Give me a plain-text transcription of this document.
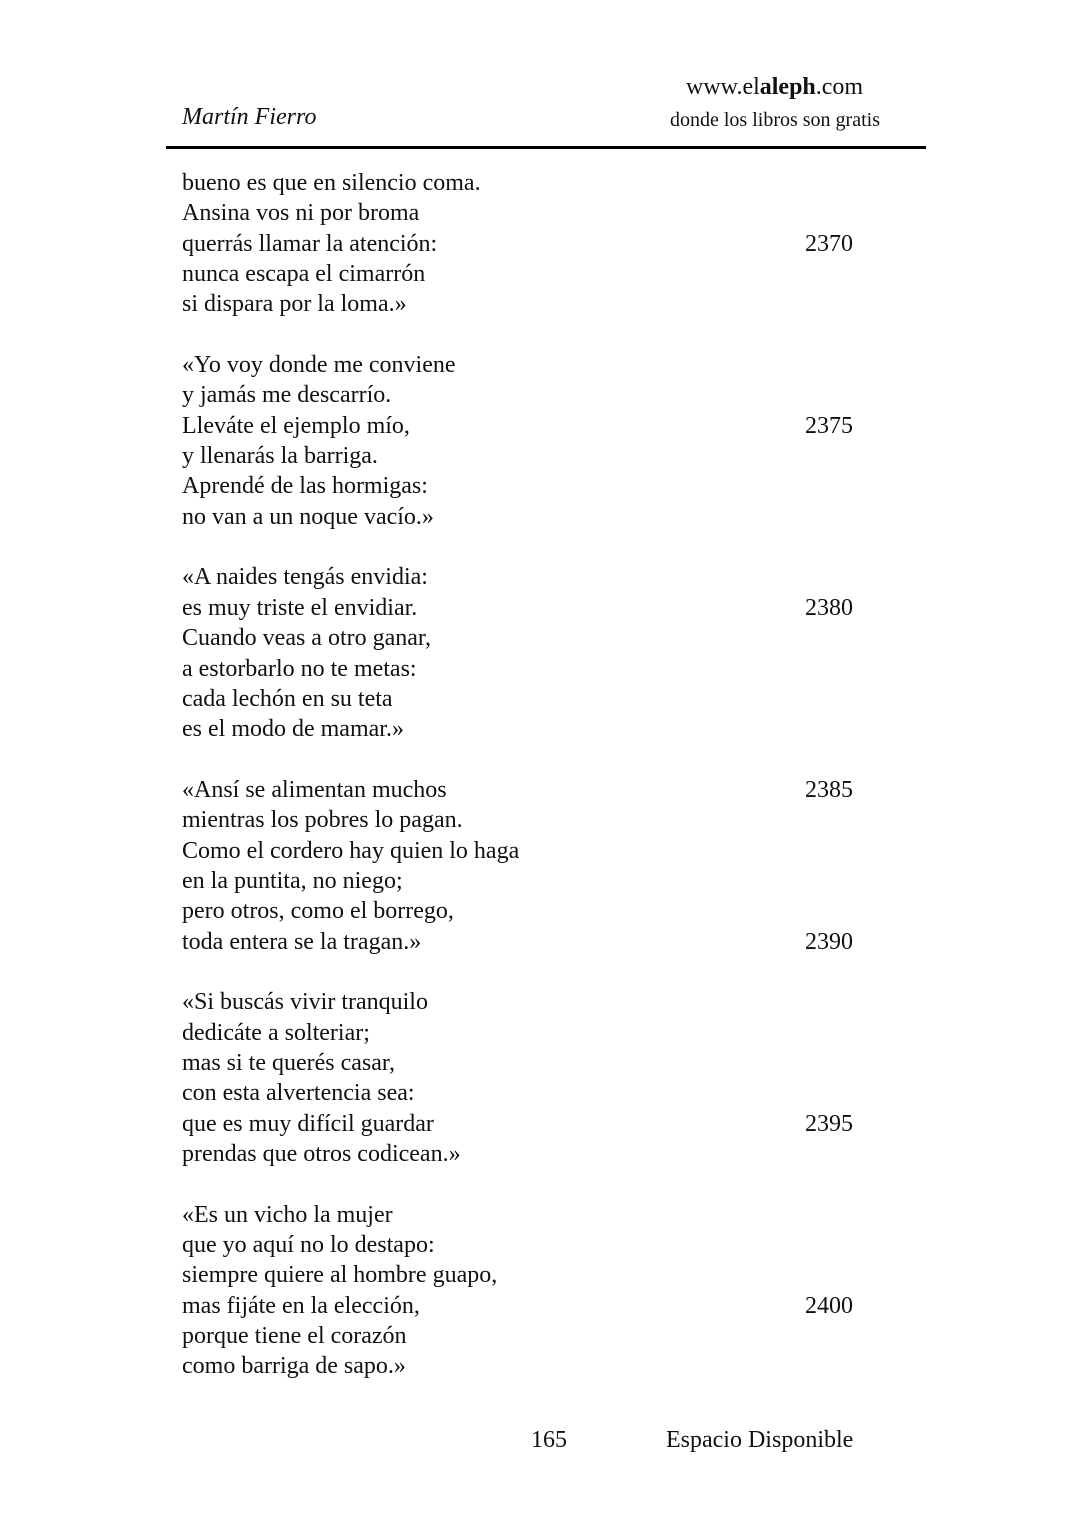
Martín Fierro
www.elaleph.com
donde los libros son gratis
bueno es que en silencio coma.
Ansina vos ni por broma
querrás llamar la atención:	2370
nunca escapa el cimarrón
si dispara por la loma.»
«Yo voy donde me conviene
y jamás me descarrío.
Lleváte el ejemplo mío,	2375
y llenarás la barriga.
Aprendé de las hormigas:
no van a un noque vacío.»
«A naides tengás envidia:
es muy triste el envidiar.	2380
Cuando veas a otro ganar,
a estorbarlo no te metas:
cada lechón en su teta
es el modo de mamar.»
«Ansí se alimentan muchos	2385
mientras los pobres lo pagan.
Como el cordero hay quien lo haga
en la puntita, no niego;
pero otros, como el borrego,
toda entera se la tragan.»	2390
«Si buscás vivir tranquilo
dedicáte a solteriar;
mas si te querés casar,
con esta alvertencia sea:
que es muy difícil guardar	2395
prendas que otros codicean.»
«Es un vicho la mujer
que yo aquí no lo destapo:
siempre quiere al hombre guapo,
mas fijáte en la elección,	2400
porque tiene el corazón
como barriga de sapo.»
165	Espacio Disponible
